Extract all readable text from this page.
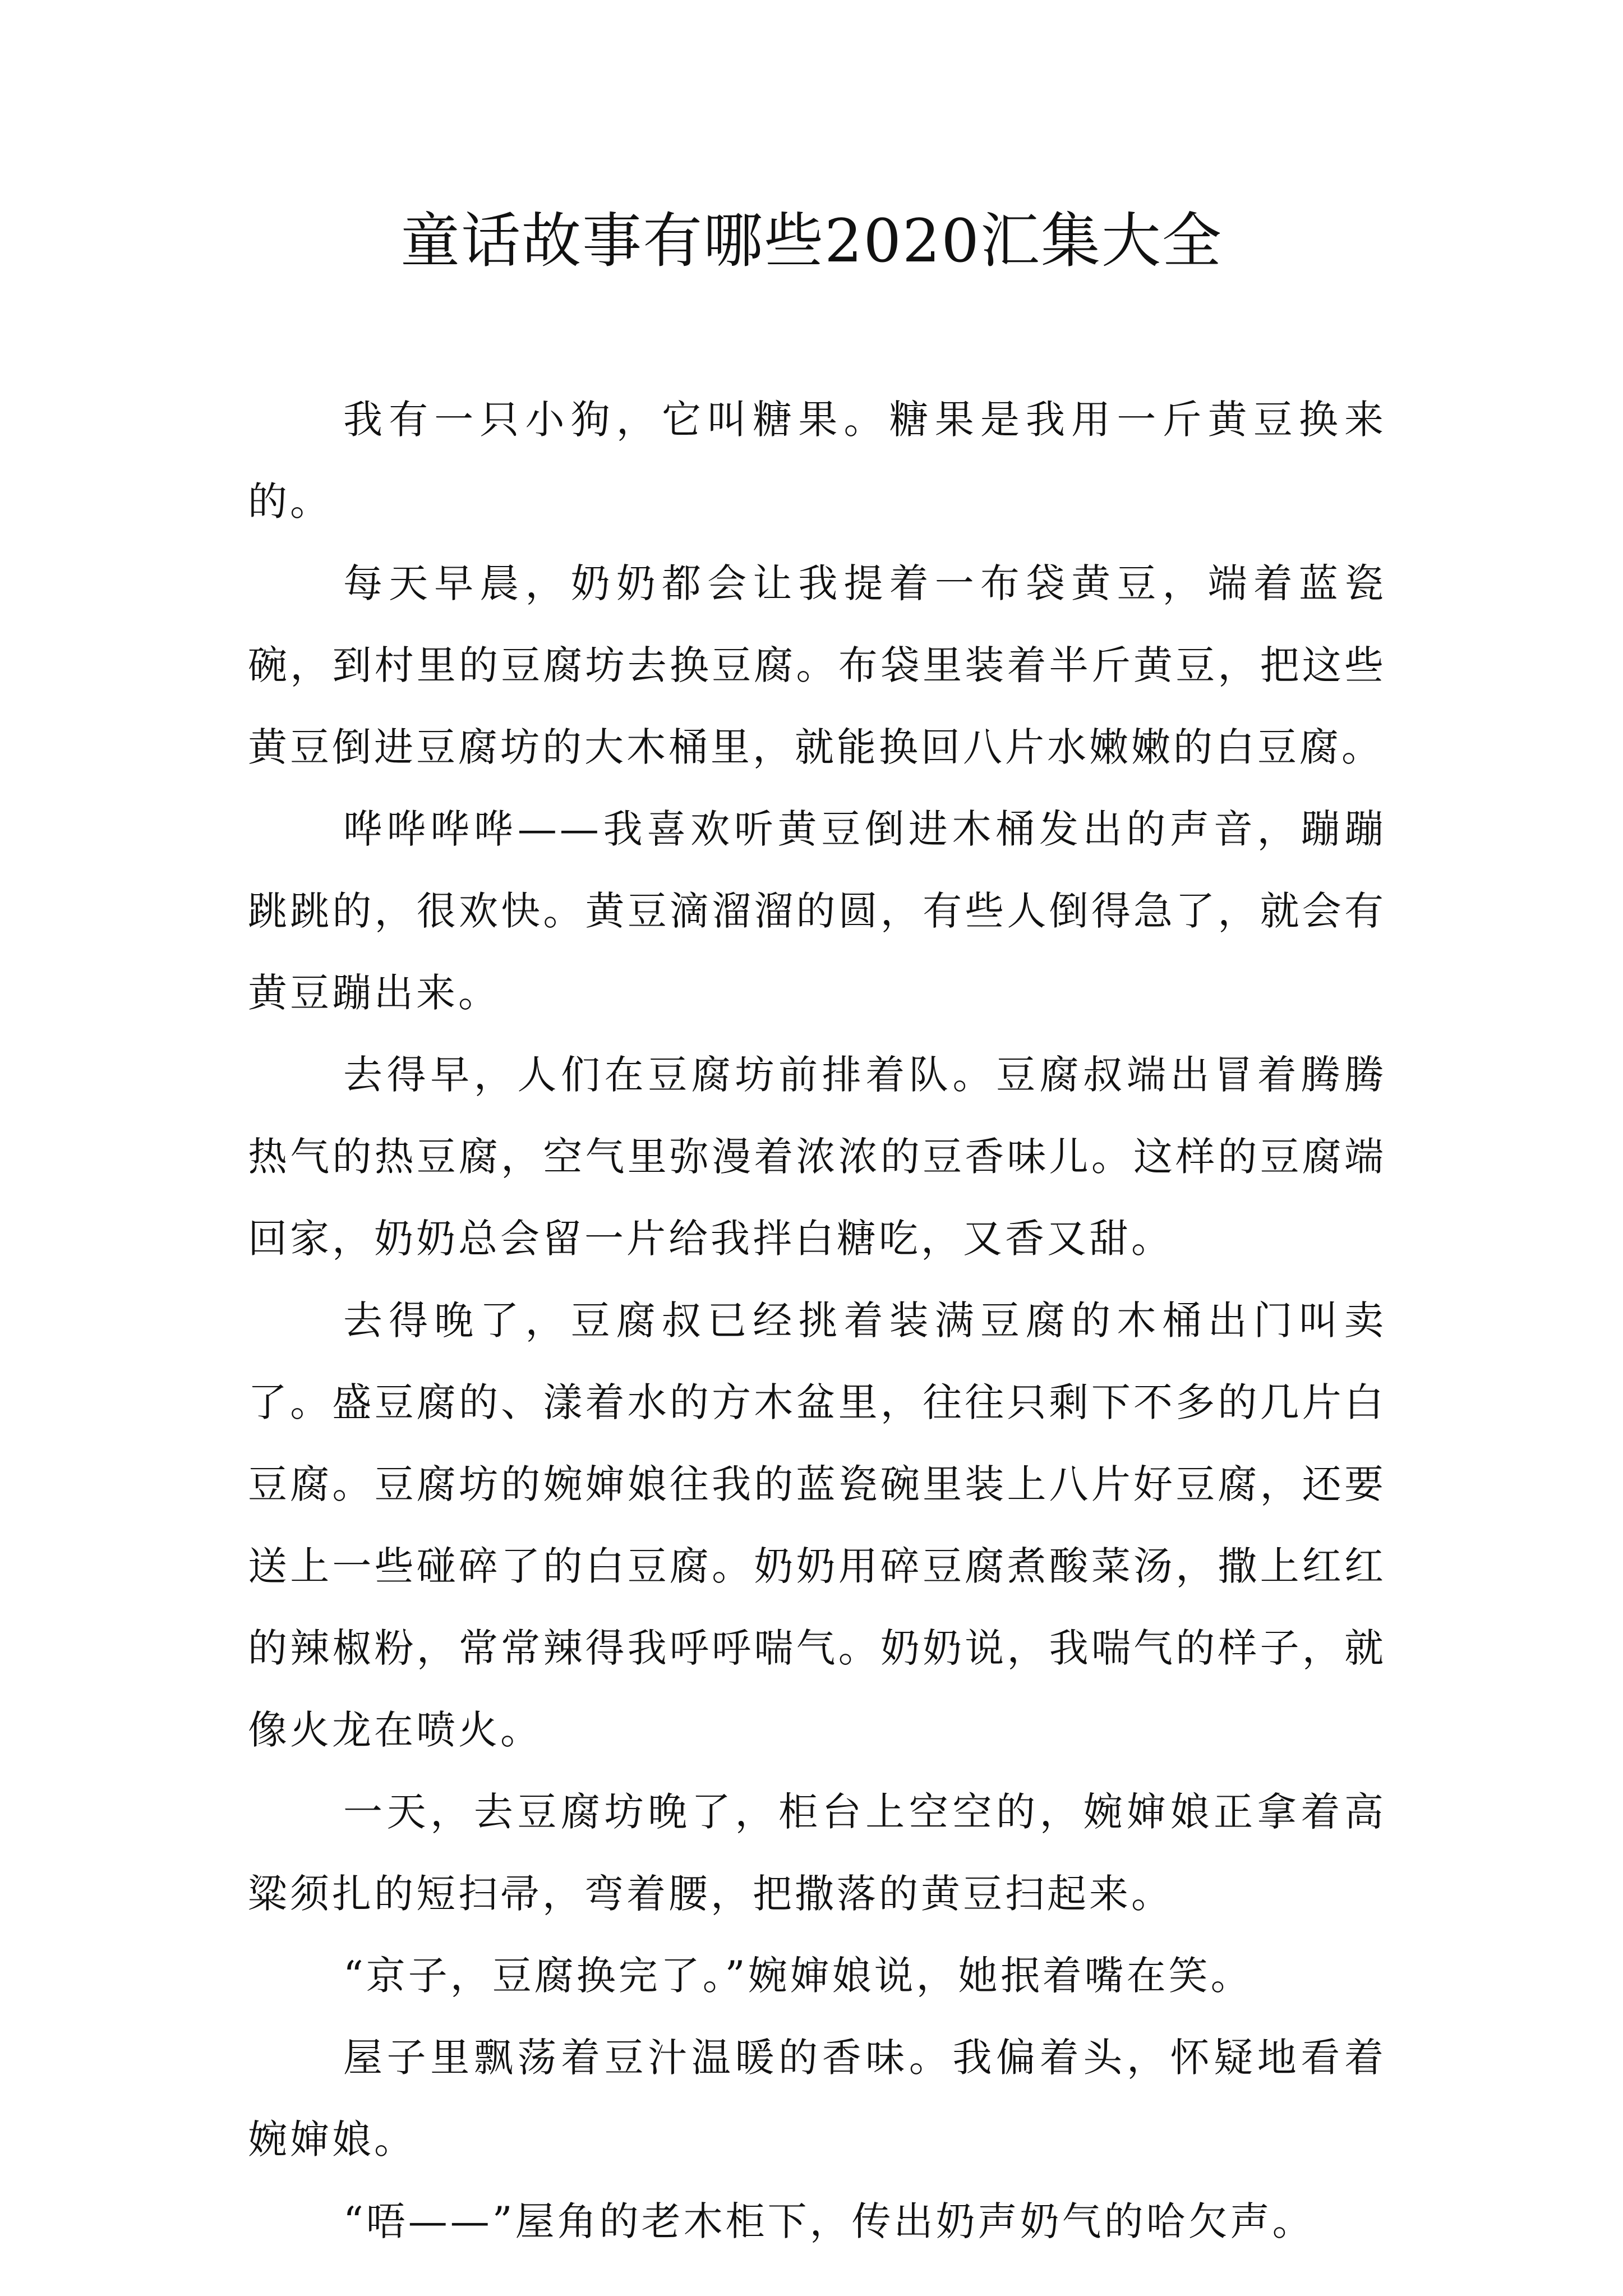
童话故事有哪些2020汇集大全

我有一只小狗，它叫糖果。糖果是我用一斤黄豆换来的。

每天早晨，奶奶都会让我提着一布袋黄豆，端着蓝瓷碗，到村里的豆腐坊去换豆腐。布袋里装着半斤黄豆，把这些黄豆倒进豆腐坊的大木桶里，就能换回八片水嫩嫩的白豆腐。

哗哗哗哗——我喜欢听黄豆倒进木桶发出的声音，蹦蹦跳跳的，很欢快。黄豆滴溜溜的圆，有些人倒得急了，就会有黄豆蹦出来。

去得早，人们在豆腐坊前排着队。豆腐叔端出冒着腾腾热气的热豆腐，空气里弥漫着浓浓的豆香味儿。这样的豆腐端回家，奶奶总会留一片给我拌白糖吃，又香又甜。

去得晚了，豆腐叔已经挑着装满豆腐的木桶出门叫卖了。盛豆腐的、漾着水的方木盆里，往往只剩下不多的几片白豆腐。豆腐坊的婉婶娘往我的蓝瓷碗里装上八片好豆腐，还要送上一些碰碎了的白豆腐。奶奶用碎豆腐煮酸菜汤，撒上红红的辣椒粉，常常辣得我呼呼喘气。奶奶说，我喘气的样子，就像火龙在喷火。

一天，去豆腐坊晚了，柜台上空空的，婉婶娘正拿着高粱须扎的短扫帚，弯着腰，把撒落的黄豆扫起来。

“京子，豆腐换完了。”婉婶娘说，她抿着嘴在笑。

屋子里飘荡着豆汁温暖的香味。我偏着头，怀疑地看着婉婶娘。

“唔——”屋角的老木柜下，传出奶声奶气的哈欠声。
